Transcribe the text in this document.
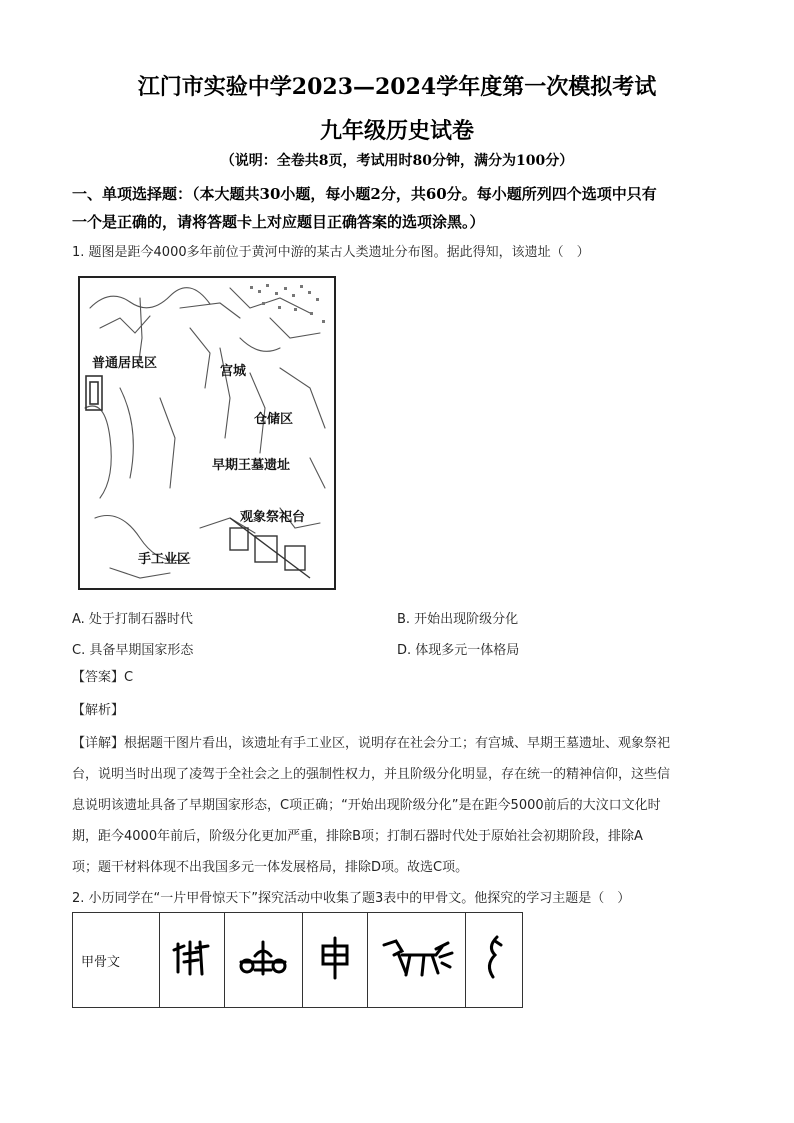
江门市实验中学2023—2024学年度第一次模拟考试
九年级历史试卷
（说明：全卷共8页，考试用时80分钟，满分为100分）
一、单项选择题：（本大题共30小题，每小题2分，共60分。每小题所列四个选项中只有
一个是正确的，请将答题卡上对应题目正确答案的选项涂黑。）
1. 题图是距今4000多年前位于黄河中游的某古人类遗址分布图。据此得知，该遗址（　）
普通居民区
宫城
仓储区
早期王墓遗址
观象祭祀台
手工业区
A. 处于打制石器时代	B. 开始出现阶级分化
C. 具备早期国家形态	D. 体现多元一体格局
【答案】C
【解析】
【详解】根据题干图片看出，该遗址有手工业区，说明存在社会分工；有宫城、早期王墓遗址、观象祭祀
台，说明当时出现了凌驾于全社会之上的强制性权力，并且阶级分化明显，存在统一的精神信仰，这些信
息说明该遗址具备了早期国家形态，C项正确；“开始出现阶级分化”是在距今5000前后的大汶口文化时
期，距今4000年前后，阶级分化更加严重，排除B项；打制石器时代处于原始社会初期阶段，排除A
项；题干材料体现不出我国多元一体发展格局，排除D项。故选C项。
2. 小历同学在“一片甲骨惊天下”探究活动中收集了题3表中的甲骨文。他探究的学习主题是（　）
甲骨文					
